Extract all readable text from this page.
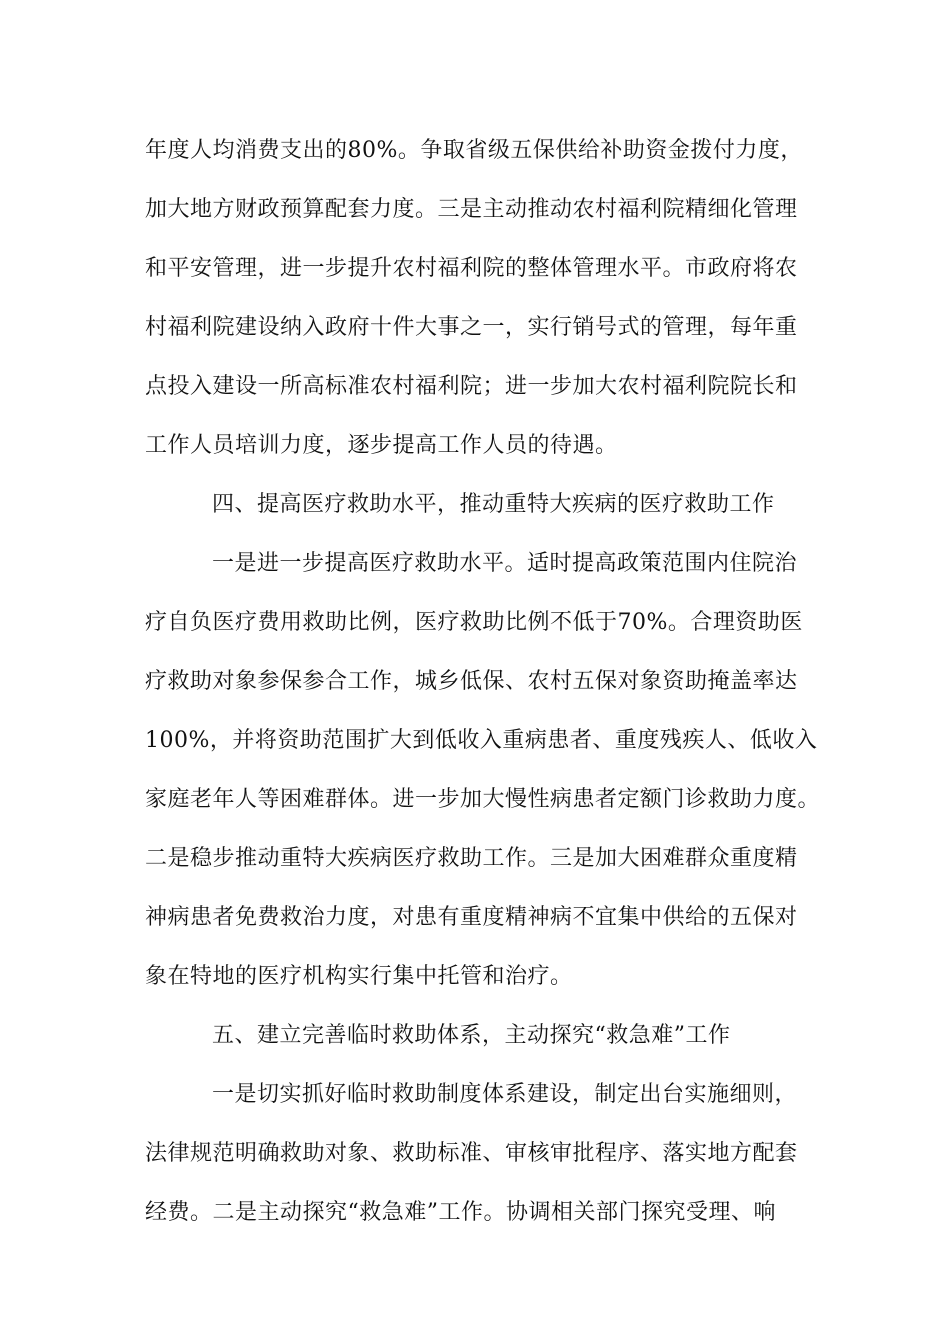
年度人均消费支出的80%。争取省级五保供给补助资金拨付力度，
加大地方财政预算配套力度。三是主动推动农村福利院精细化管理
和平安管理，进一步提升农村福利院的整体管理水平。市政府将农
村福利院建设纳入政府十件大事之一，实行销号式的管理，每年重
点投入建设一所高标准农村福利院；进一步加大农村福利院院长和
工作人员培训力度，逐步提高工作人员的待遇。
四、提高医疗救助水平，推动重特大疾病的医疗救助工作
一是进一步提高医疗救助水平。适时提高政策范围内住院治
疗自负医疗费用救助比例，医疗救助比例不低于70%。合理资助医
疗救助对象参保参合工作，城乡低保、农村五保对象资助掩盖率达
100%，并将资助范围扩大到低收入重病患者、重度残疾人、低收入
家庭老年人等困难群体。进一步加大慢性病患者定额门诊救助力度。
二是稳步推动重特大疾病医疗救助工作。三是加大困难群众重度精
神病患者免费救治力度，对患有重度精神病不宜集中供给的五保对
象在特地的医疗机构实行集中托管和治疗。
五、建立完善临时救助体系，主动探究“救急难”工作
一是切实抓好临时救助制度体系建设，制定出台实施细则，
法律规范明确救助对象、救助标准、审核审批程序、落实地方配套
经费。二是主动探究“救急难”工作。协调相关部门探究受理、响
